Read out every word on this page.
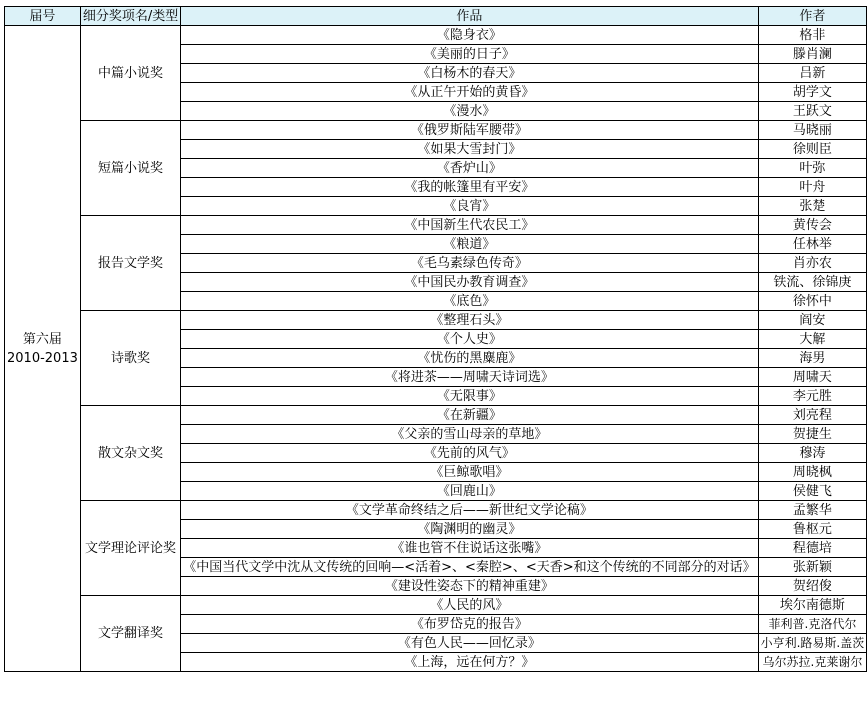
届号	细分奖项名/类型	作品	作者

第六届
2010-2013	中篇小说奖	《隐身衣》	格非
		《美丽的日子》	滕肖澜
		《白杨木的春天》	吕新
		《从正午开始的黄昏》	胡学文
		《漫水》	王跃文
	短篇小说奖	《俄罗斯陆军腰带》	马晓丽
		《如果大雪封门》	徐则臣
		《香炉山》	叶弥
		《我的帐篷里有平安》	叶舟
		《良宵》	张楚
	报告文学奖	《中国新生代农民工》	黄传会
		《粮道》	任林举
		《毛乌素绿色传奇》	肖亦农
		《中国民办教育调查》	铁流、徐锦庚
		《底色》	徐怀中
	诗歌奖	《整理石头》	阎安
		《个人史》	大解
		《忧伤的黑麋鹿》	海男
		《将进茶——周啸天诗词选》	周啸天
		《无限事》	李元胜
	散文杂文奖	《在新疆》	刘亮程
		《父亲的雪山母亲的草地》	贺捷生
		《先前的风气》	穆涛
		《巨鲸歌唱》	周晓枫
		《回鹿山》	侯健飞
	文学理论评论奖	《文学革命终结之后——新世纪文学论稿》	孟繁华
		《陶渊明的幽灵》	鲁枢元
		《谁也管不住说话这张嘴》	程德培
		《中国当代文学中沈从文传统的回响—<活着>、<秦腔>、<天香>和这个传统的不同部分的对话》	张新颖
		《建设性姿态下的精神重建》	贺绍俊
	文学翻译奖	《人民的风》	埃尔南德斯
		《布罗岱克的报告》	菲利普.克洛代尔
		《有色人民——回忆录》	小亨利.路易斯.盖茨
		《上海，远在何方？》	乌尔苏拉.克莱谢尔
